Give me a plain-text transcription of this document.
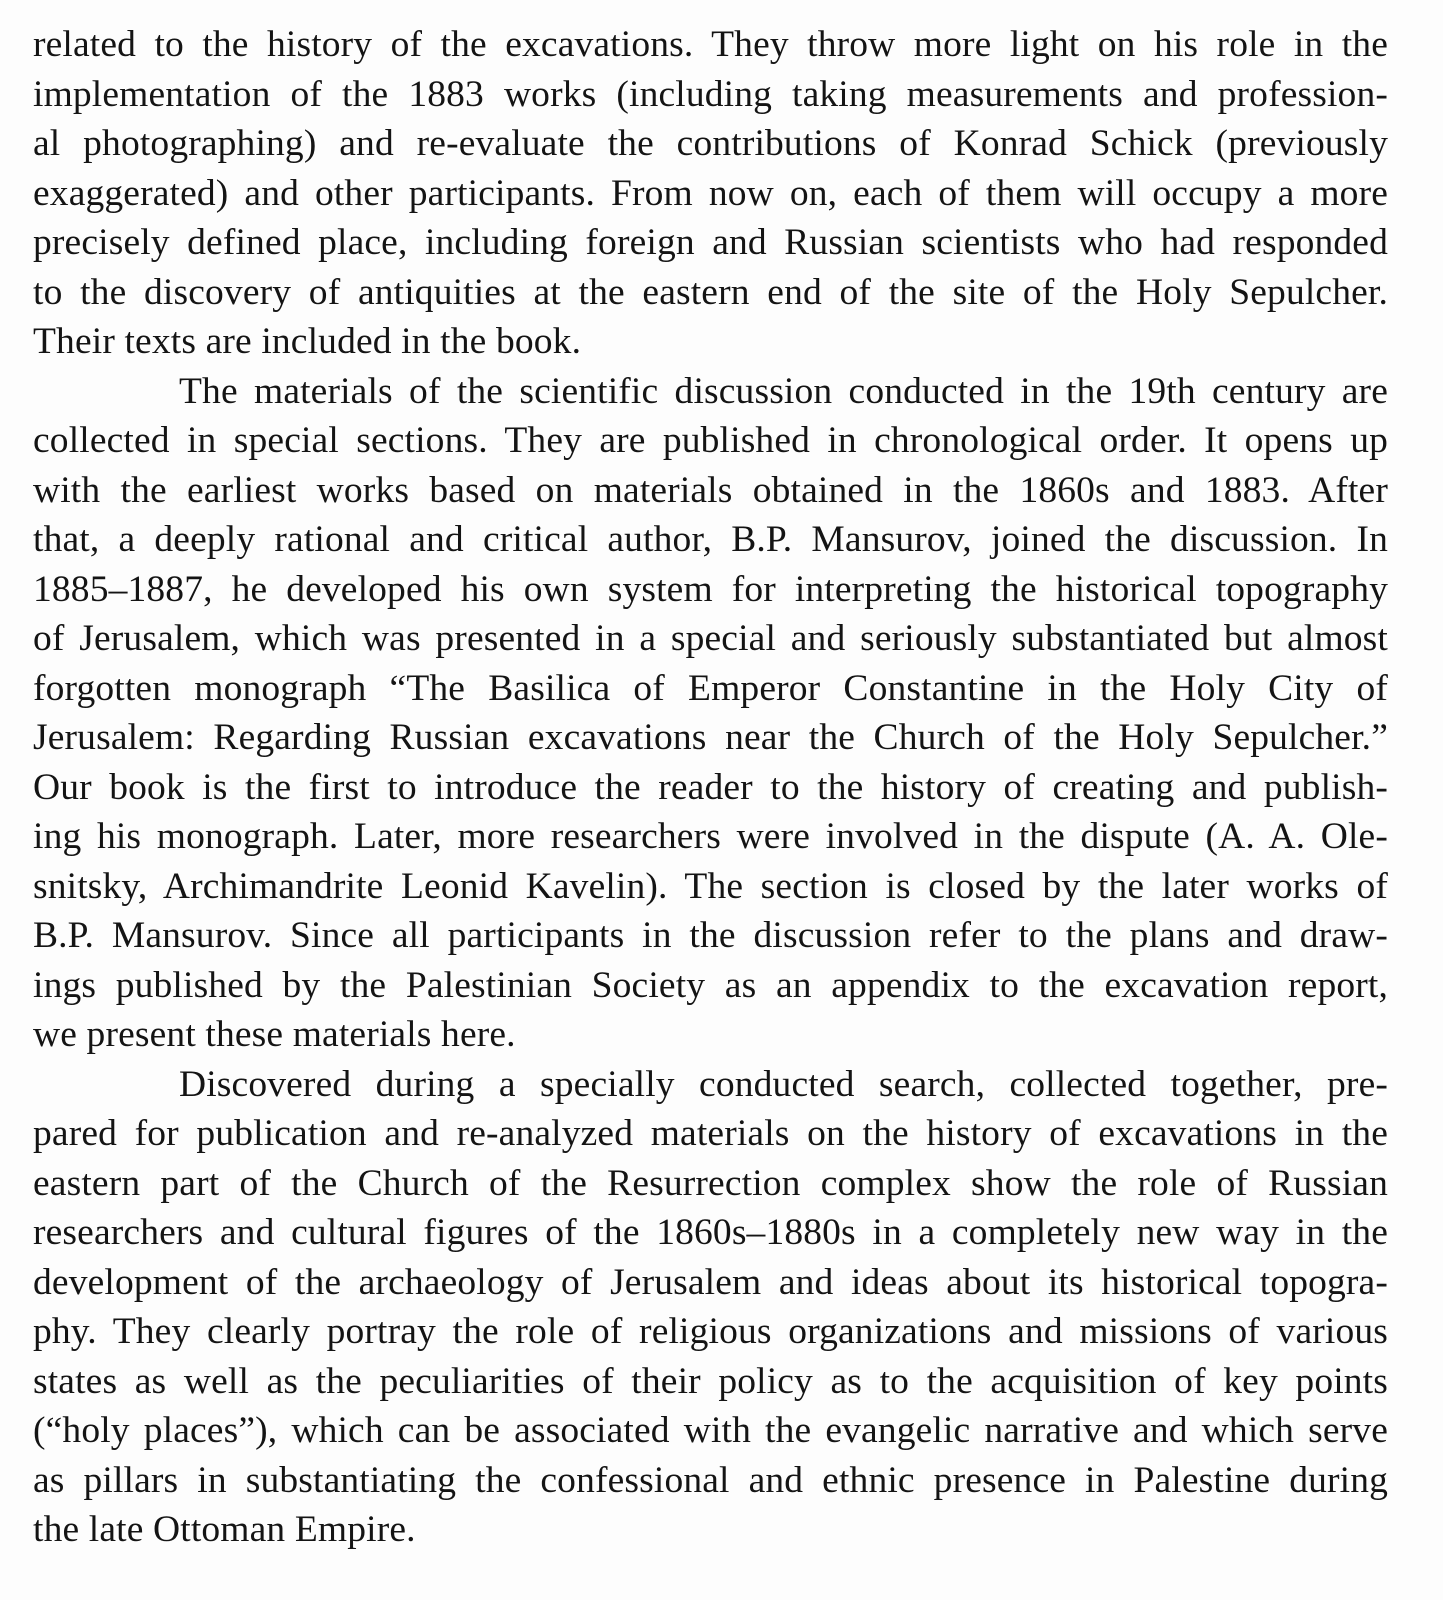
related to the history of the excavations. They throw more light on his role in the
implementation of the 1883 works (including taking measurements and profession-
al photographing) and re-evaluate the contributions of Konrad Schick (previously
exaggerated) and other participants. From now on, each of them will occupy a more
precisely defined place, including foreign and Russian scientists who had responded
to the discovery of antiquities at the eastern end of the site of the Holy Sepulcher.
Their texts are included in the book.

The materials of the scientific discussion conducted in the 19th century are
collected in special sections. They are published in chronological order. It opens up
with the earliest works based on materials obtained in the 1860s and 1883. After
that, a deeply rational and critical author, B.P. Mansurov, joined the discussion. In
1885–1887, he developed his own system for interpreting the historical topography
of Jerusalem, which was presented in a special and seriously substantiated but almost
forgotten monograph “The Basilica of Emperor Constantine in the Holy City of
Jerusalem: Regarding Russian excavations near the Church of the Holy Sepulcher.”
Our book is the first to introduce the reader to the history of creating and publish-
ing his monograph. Later, more researchers were involved in the dispute (A. A. Ole-
snitsky, Archimandrite Leonid Kavelin). The section is closed by the later works of
B.P. Mansurov. Since all participants in the discussion refer to the plans and draw-
ings published by the Palestinian Society as an appendix to the excavation report,
we present these materials here.

Discovered during a specially conducted search, collected together, pre-
pared for publication and re-analyzed materials on the history of excavations in the
eastern part of the Church of the Resurrection complex show the role of Russian
researchers and cultural figures of the 1860s–1880s in a completely new way in the
development of the archaeology of Jerusalem and ideas about its historical topogra-
phy. They clearly portray the role of religious organizations and missions of various
states as well as the peculiarities of their policy as to the acquisition of key points
(“holy places”), which can be associated with the evangelic narrative and which serve
as pillars in substantiating the confessional and ethnic presence in Palestine during
the late Ottoman Empire.
